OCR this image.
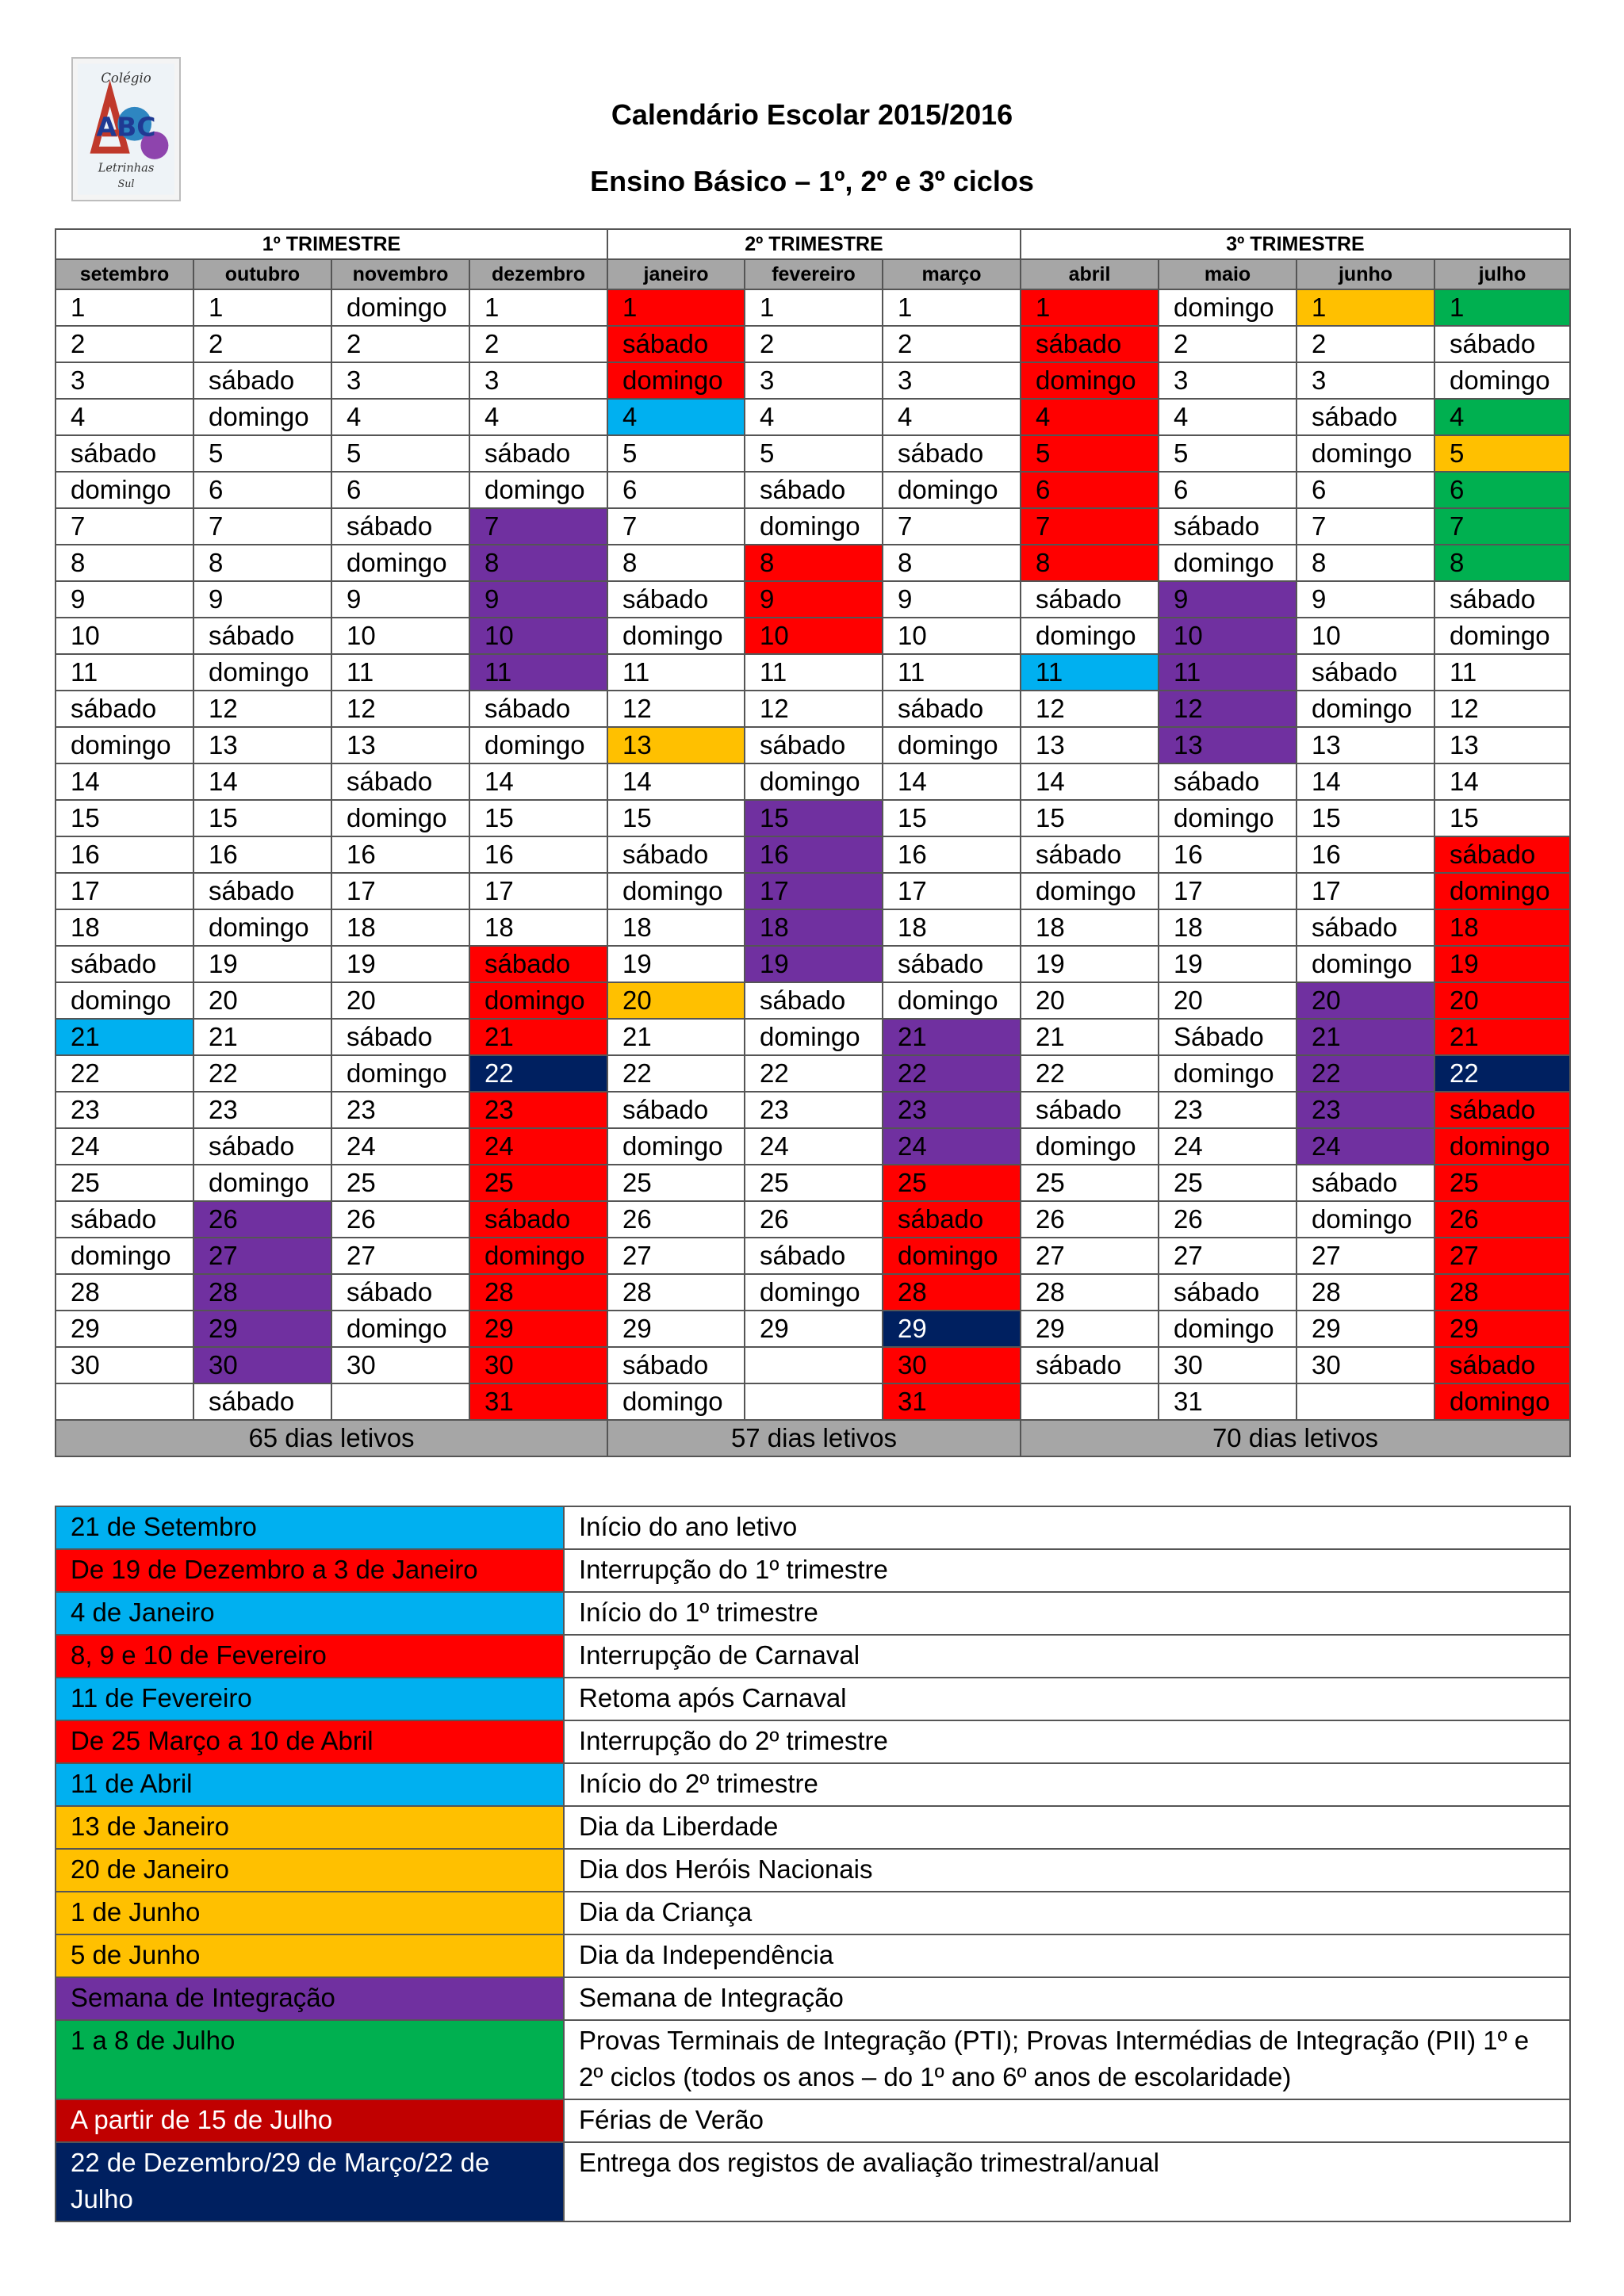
Colégio
ABC
Letrinhas
Sul
Calendário Escolar 2015/2016
Ensino Básico – 1º, 2º e 3º ciclos
1º TRIMESTRE				2º TRIMESTRE			3º TRIMESTRE			
setembro	outubro	novembro	dezembro	janeiro	fevereiro	março	abril	maio	junho	julho
1	1	domingo	1	1	1	1	1	domingo	1	1
2	2	2	2	sábado	2	2	sábado	2	2	sábado
3	sábado	3	3	domingo	3	3	domingo	3	3	domingo
4	domingo	4	4	4	4	4	4	4	sábado	4
sábado	5	5	sábado	5	5	sábado	5	5	domingo	5
domingo	6	6	domingo	6	sábado	domingo	6	6	6	6
7	7	sábado	7	7	domingo	7	7	sábado	7	7
8	8	domingo	8	8	8	8	8	domingo	8	8
9	9	9	9	sábado	9	9	sábado	9	9	sábado
10	sábado	10	10	domingo	10	10	domingo	10	10	domingo
11	domingo	11	11	11	11	11	11	11	sábado	11
sábado	12	12	sábado	12	12	sábado	12	12	domingo	12
domingo	13	13	domingo	13	sábado	domingo	13	13	13	13
14	14	sábado	14	14	domingo	14	14	sábado	14	14
15	15	domingo	15	15	15	15	15	domingo	15	15
16	16	16	16	sábado	16	16	sábado	16	16	sábado
17	sábado	17	17	domingo	17	17	domingo	17	17	domingo
18	domingo	18	18	18	18	18	18	18	sábado	18
sábado	19	19	sábado	19	19	sábado	19	19	domingo	19
domingo	20	20	domingo	20	sábado	domingo	20	20	20	20
21	21	sábado	21	21	domingo	21	21	Sábado	21	21
22	22	domingo	22	22	22	22	22	domingo	22	22
23	23	23	23	sábado	23	23	sábado	23	23	sábado
24	sábado	24	24	domingo	24	24	domingo	24	24	domingo
25	domingo	25	25	25	25	25	25	25	sábado	25
sábado	26	26	sábado	26	26	sábado	26	26	domingo	26
domingo	27	27	domingo	27	sábado	domingo	27	27	27	27
28	28	sábado	28	28	domingo	28	28	sábado	28	28
29	29	domingo	29	29	29	29	29	domingo	29	29
30	30	30	30	sábado		30	sábado	30	30	sábado
	sábado		31	domingo		31		31		domingo
65 dias letivos				57 dias letivos			70 dias letivos			
21 de Setembro	Início do ano letivo
De 19 de Dezembro a 3 de Janeiro	Interrupção do 1º trimestre
4 de Janeiro	Início do 1º trimestre
8, 9 e 10 de Fevereiro	Interrupção de Carnaval
11 de Fevereiro	Retoma após Carnaval
De 25 Março a 10 de Abril	Interrupção do 2º trimestre
11 de Abril	Início do 2º trimestre
13 de Janeiro	Dia da Liberdade
20 de Janeiro	Dia dos Heróis Nacionais
1 de Junho	Dia da Criança
5 de Junho	Dia da Independência
Semana de Integração	Semana de Integração
1 a 8 de Julho	Provas Terminais de Integração (PTI); Provas Intermédias de Integração (PII) 1º e 2º ciclos (todos os anos – do 1º ano 6º anos de escolaridade)
A partir de 15 de Julho	Férias de Verão
22 de Dezembro/29 de Março/22 de Julho	Entrega dos registos de avaliação trimestral/anual
